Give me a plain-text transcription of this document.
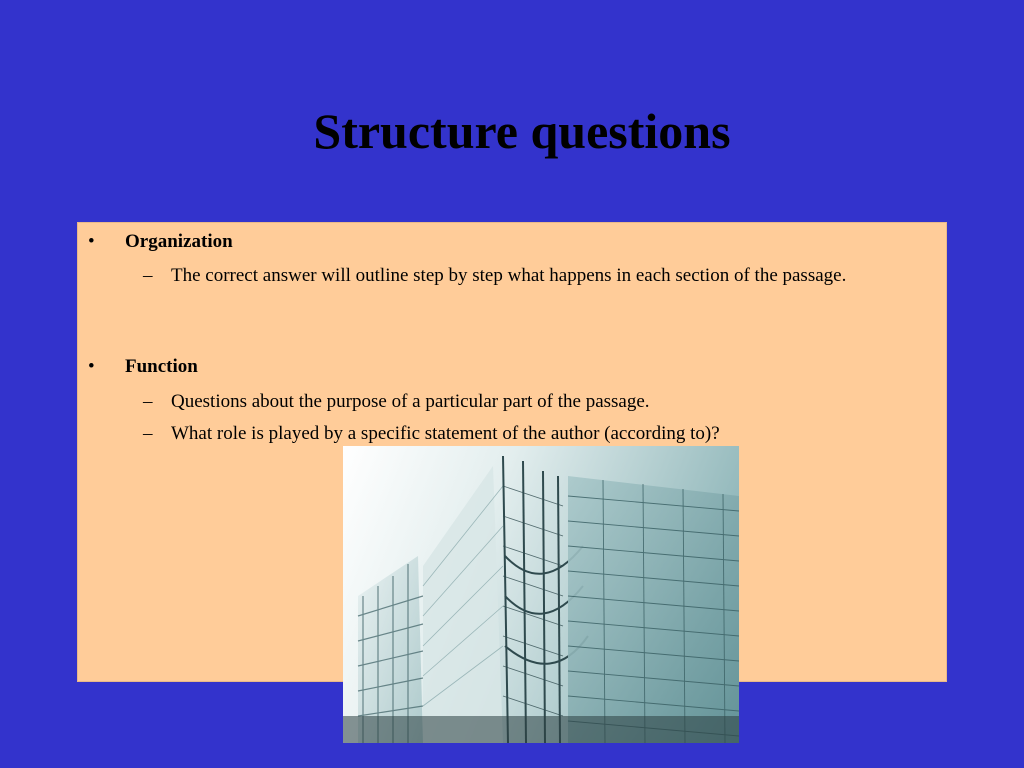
Structure questions
•	Organization
– The correct answer will outline step by step what happens in each section of the passage.
•	Function
– Questions about the purpose of a particular part of the passage.
– What role is played by a specific statement of the author (according to)?
